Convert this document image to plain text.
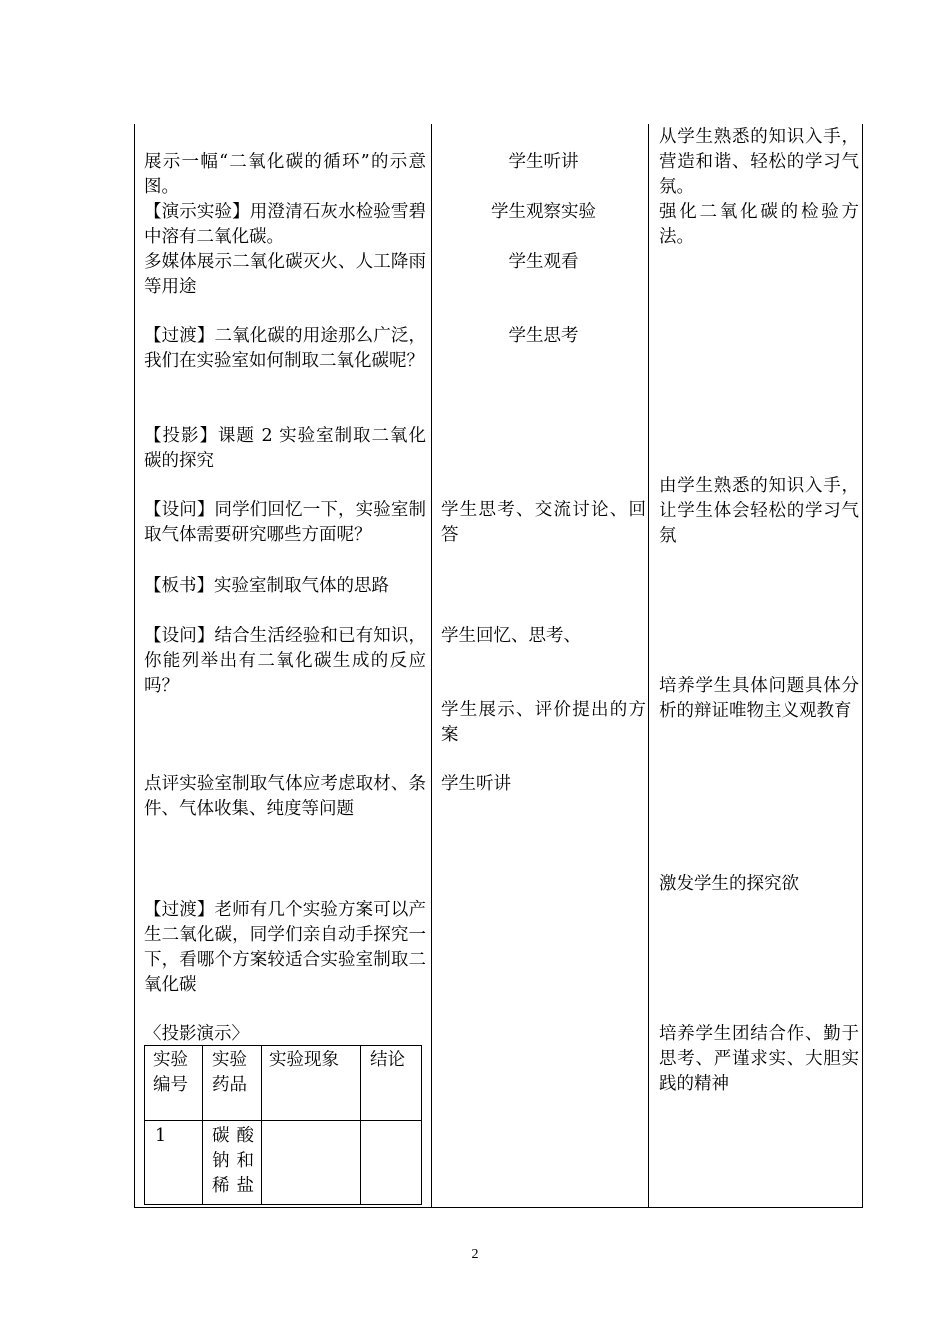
展示一幅“二氧化碳的循环”的示意图。
【演示实验】用澄清石灰水检验雪碧中溶有二氧化碳。
多媒体展示二氧化碳灭火、人工降雨等用途
【过渡】二氧化碳的用途那么广泛，我们在实验室如何制取二氧化碳呢？
【投影】课题 2 实验室制取二氧化碳的探究
【设问】同学们回忆一下，实验室制取气体需要研究哪些方面呢？
【板书】实验室制取气体的思路
【设问】结合生活经验和已有知识，你能列举出有二氧化碳生成的反应吗？
点评实验室制取气体应考虑取材、条件、气体收集、纯度等问题
【过渡】老师有几个实验方案可以产生二氧化碳，同学们亲自动手探究一下，看哪个方案较适合实验室制取二氧化碳
〈投影演示〉
实验编号
实验药品
实验现象	结论
1	碳酸钠和稀盐
学生听讲
学生观察实验
学生观看
学生思考
学生思考、交流讨论、回答
学生回忆、思考、
学生展示、评价提出的方案
学生听讲
从学生熟悉的知识入手，营造和谐、轻松的学习气氛。
强化二氧化碳的检验方法。
由学生熟悉的知识入手，让学生体会轻松的学习气氛
培养学生具体问题具体分析的辩证唯物主义观教育
激发学生的探究欲
培养学生团结合作、勤于思考、严谨求实、大胆实践的精神
2
